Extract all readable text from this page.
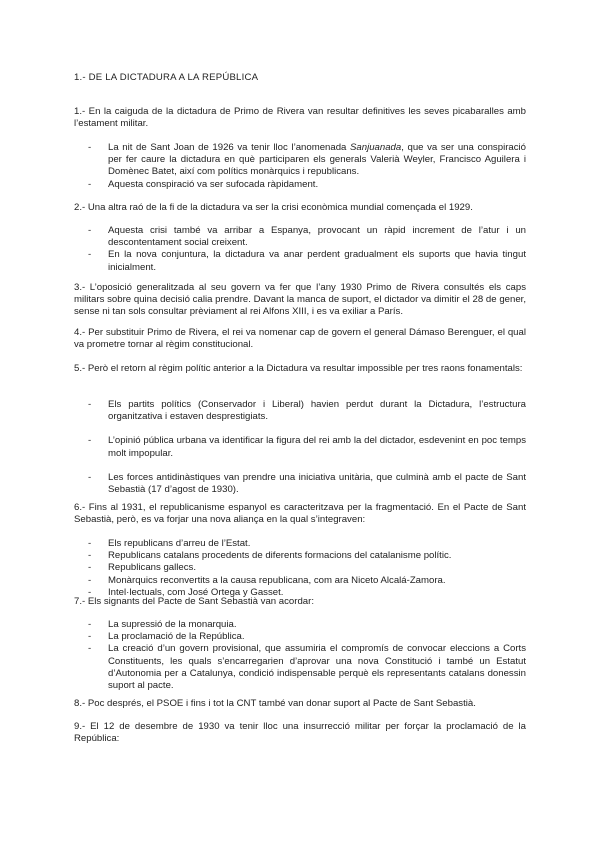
1.- DE LA DICTADURA A LA REPÚBLICA

1.- En la caiguda de la dictadura de Primo de Rivera van resultar definitives les seves picabaralles amb l’estament militar.

- La nit de Sant Joan de 1926 va tenir lloc l’anomenada Sanjuanada, que va ser una conspiració per fer caure la dictadura en què participaren els generals Valerià Weyler, Francisco Aguilera i Domènec Batet, així com polítics monàrquics i republicans.
- Aquesta conspiració va ser sufocada ràpidament.

2.- Una altra raó de la fi de la dictadura va ser la crisi econòmica mundial començada el 1929.

- Aquesta crisi també va arribar a Espanya, provocant un ràpid increment de l’atur i un descontentament social creixent.
- En la nova conjuntura, la dictadura va anar perdent gradualment els suports que havia tingut inicialment.

3.- L’oposició generalitzada al seu govern va fer que l’any 1930 Primo de Rivera consultés els caps militars sobre quina decisió calia prendre. Davant la manca de suport, el dictador va dimitir el 28 de gener, sense ni tan sols consultar prèviament al rei Alfons XIII, i es va exiliar a París.

4.- Per substituir Primo de Rivera, el rei va nomenar cap de govern el general Dámaso Berenguer, el qual va prometre tornar al règim constitucional.

5.- Però el retorn al règim polític anterior a la Dictadura va resultar impossible per tres raons fonamentals:

- Els partits polítics (Conservador i Liberal) havien perdut durant la Dictadura, l’estructura organitzativa i estaven desprestigiats.
- L’opinió pública urbana va identificar la figura del rei amb la del dictador, esdevenint en poc temps molt impopular.
- Les forces antidinàstiques van prendre una iniciativa unitària, que culminà amb el pacte de Sant Sebastià (17 d’agost de 1930).

6.- Fins al 1931, el republicanisme espanyol es caracteritzava per la fragmentació. En el Pacte de Sant Sebastià, però, es va forjar una nova aliança en la qual s’integraven:

- Els republicans d’arreu de l’Estat.
- Republicans catalans procedents de diferents formacions del catalanisme polític.
- Republicans gallecs.
- Monàrquics reconvertits a la causa republicana, com ara Niceto Alcalá-Zamora.
- Intel·lectuals, com José Ortega y Gasset.

7.- Els signants del Pacte de Sant Sebastià van acordar:

- La supressió de la monarquia.
- La proclamació de la República.
- La creació d’un govern provisional, que assumiria el compromís de convocar eleccions a Corts Constituents, les quals s’encarregarien d’aprovar una nova Constitució i també un Estatut d’Autonomia per a Catalunya, condició indispensable perquè els representants catalans donessin suport al pacte.

8.- Poc després, el PSOE i fins i tot la CNT també van donar suport al Pacte de Sant Sebastià.

9.- El 12 de desembre de 1930 va tenir lloc una insurrecció militar per forçar la proclamació de la República:
